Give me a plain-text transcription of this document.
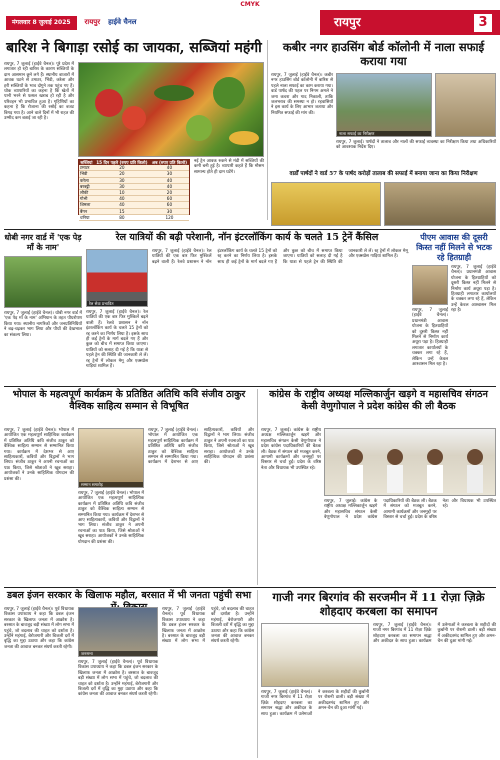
CMYK
मंगलवार 8 जुलाई 2025	रायपुर हाईवे चैनल	रायपुर	3
बारिश ने बिगाड़ा रसोई का जायका, सब्जियां महंगी
रायपुर, 7 जुलाई (हाईवे चैनल)। पूरे प्रदेश में लगातार हो रही बारिश के कारण सब्जियों के दाम आसमान छूने लगे हैं। स्थानीय बाजारों में आवक घटने से टमाटर, भिंडी, करेला और हरी सब्जियों के भाव दोगुने तक पहुंच गए हैं। थोक व्यापारियों का कहना है कि खेतों में पानी भरने से फसल खराब हो रही है और परिवहन भी प्रभावित हुआ है। गृहिणियों का कहना है कि रोजाना की रसोई का बजट बिगड़ गया है। आने वाले दिनों में भी राहत की उम्मीद कम बताई जा रही है।
सब्जियां	15 दिन पहले (रुपए प्रति किलो)	अब (रुपए प्रति किलो)
टमाटर	20	40
भिंडी	20	30
करेला	30	40
बरबट्टी	30	40
लौकी	10	20
गोभी	40	60
शिमला	40	60
बैंगन	15	30
धनिया	80	120
नई ट्रेन आवक रुकने से मंडी में सब्जियों की कमी बनी हुई है। व्यापारी कहते हैं कि मौसम सामान्य होते ही दाम घटेंगे।
कबीर नगर हाउसिंग बोर्ड कॉलोनी में नाला सफाई कराया गया
रायपुर, 7 जुलाई (हाईवे चैनल)। कबीर नगर हाउसिंग बोर्ड कॉलोनी में बारिश से पहले नाला सफाई का काम कराया गया। वार्ड पार्षद की पहल पर निगम अमले ने जमा कचरा और गाद निकाली, ताकि जलभराव की समस्या न हो। रहवासियों ने इस कार्य के लिए आभार जताया और नियमित सफाई की मांग की।
नाला सफाई का निरीक्षण
रायपुर, 7 जुलाई। पार्षदों ने तालाब और नालों की सफाई व्यवस्था का निरीक्षण किया तथा अधिकारियों को आवश्यक निर्देश दिए।
वार्डों पार्षदों ने वार्ड 57 के पार्षद करोड़ों तालाब की सफाई में बनाया जाना का किया निरीक्षण
धोबी नगर वार्ड में 'एक पेड़ माँ के नाम'
रायपुर, 7 जुलाई (हाईवे चैनल)। धोबी नगर वार्ड में 'एक पेड़ माँ के नाम' अभियान के तहत पौधरोपण किया गया। स्थानीय नागरिकों और जनप्रतिनिधियों ने बढ़-चढ़कर भाग लिया और पौधों की देखभाल का संकल्प लिया।
रेल यात्रियों की बढ़ी परेशानी, नॉन इंटरलॉकिंग कार्य के चलते 15 ट्रेनें कैंसिल
रेल सेवा प्रभावित
रायपुर, 7 जुलाई (हाईवे चैनल)। रेल यात्रियों की एक बार फिर मुश्किलें बढ़ने वाली हैं। रेलवे प्रशासन ने नॉन इंटरलॉकिंग कार्य के चलते 15 ट्रेनों को रद्द करने का निर्णय लिया है। इसके साथ ही कई ट्रेनों के मार्ग बदले गए हैं और कुछ को बीच में समाप्त किया जाएगा। यात्रियों को सलाह दी गई है कि यात्रा से पहले ट्रेन की स्थिति की जानकारी ले लें। रद्द ट्रेनों में लोकल मेमू और एक्सप्रेस गाड़ियां शामिल हैं।
रायपुर, 7 जुलाई (हाईवे चैनल)। रेल यात्रियों की एक बार फिर मुश्किलें बढ़ने वाली हैं। रेलवे प्रशासन ने नॉन इंटरलॉकिंग कार्य के चलते 15 ट्रेनों को रद्द करने का निर्णय लिया है। इसके साथ ही कई ट्रेनों के मार्ग बदले गए हैं और कुछ को बीच में समाप्त किया जाएगा। यात्रियों को सलाह दी गई है कि यात्रा से पहले ट्रेन की स्थिति की जानकारी ले लें। रद्द ट्रेनों में लोकल मेमू और एक्सप्रेस गाड़ियां शामिल हैं।
पीएम आवास की दूसरी किस्त नहीं मिलने से भटक रहे हितग्राही
रायपुर, 7 जुलाई (हाईवे चैनल)। प्रधानमंत्री आवास योजना के हितग्राहियों को दूसरी किस्त नहीं मिलने से निर्माण कार्य अधूरा पड़ा है। हितग्राही लगातार कार्यालयों के चक्कर लगा रहे हैं, लेकिन उन्हें केवल आश्वासन मिल रहा है।
रायपुर, 7 जुलाई (हाईवे चैनल)। प्रधानमंत्री आवास योजना के हितग्राहियों को दूसरी किस्त नहीं मिलने से निर्माण कार्य अधूरा पड़ा है। हितग्राही लगातार कार्यालयों के चक्कर लगा रहे हैं, लेकिन उन्हें केवल आश्वासन मिल रहा है।
भोपाल के महत्वपूर्ण कार्यक्रम के प्रतिष्ठित अतिथि कवि संजीव ठाकुर वैश्विक साहित्य सम्मान से विभूषित
रायपुर, 7 जुलाई (हाईवे चैनल)। भोपाल में आयोजित एक महत्वपूर्ण साहित्यिक कार्यक्रम में प्रतिष्ठित अतिथि कवि संजीव ठाकुर को वैश्विक साहित्य सम्मान से सम्मानित किया गया। कार्यक्रम में देशभर से आए साहित्यकारों, कवियों और विद्वानों ने भाग लिया। संजीव ठाकुर ने अपनी रचनाओं का पाठ किया, जिसे श्रोताओं ने खूब सराहा। आयोजकों ने उनके साहित्यिक योगदान की प्रशंसा की।
सम्मान समारोह
रायपुर, 7 जुलाई (हाईवे चैनल)। भोपाल में आयोजित एक महत्वपूर्ण साहित्यिक कार्यक्रम में प्रतिष्ठित अतिथि कवि संजीव ठाकुर को वैश्विक साहित्य सम्मान से सम्मानित किया गया। कार्यक्रम में देशभर से आए साहित्यकारों, कवियों और विद्वानों ने भाग लिया। संजीव ठाकुर ने अपनी रचनाओं का पाठ किया, जिसे श्रोताओं ने खूब सराहा। आयोजकों ने उनके साहित्यिक योगदान की प्रशंसा की।
रायपुर, 7 जुलाई (हाईवे चैनल)। भोपाल में आयोजित एक महत्वपूर्ण साहित्यिक कार्यक्रम में प्रतिष्ठित अतिथि कवि संजीव ठाकुर को वैश्विक साहित्य सम्मान से सम्मानित किया गया। कार्यक्रम में देशभर से आए साहित्यकारों, कवियों और विद्वानों ने भाग लिया। संजीव ठाकुर ने अपनी रचनाओं का पाठ किया, जिसे श्रोताओं ने खूब सराहा। आयोजकों ने उनके साहित्यिक योगदान की प्रशंसा की।
कांग्रेस के राष्ट्रीय अध्यक्ष मल्लिकार्जुन खड़गे व महासचिव संगठन केसी वेणुगोपाल ने प्रदेश कांग्रेस की ली बैठक
रायपुर, 7 जुलाई। कांग्रेस के राष्ट्रीय अध्यक्ष मल्लिकार्जुन खड़गे और महासचिव संगठन केसी वेणुगोपाल ने प्रदेश कांग्रेस पदाधिकारियों की बैठक ली। बैठक में संगठन को मजबूत करने, आगामी कार्यक्रमों और जनमुद्दों पर विस्तार से चर्चा हुई। प्रदेश के वरिष्ठ नेता और विधायक भी उपस्थित रहे।
रायपुर, 7 जुलाई। कांग्रेस के राष्ट्रीय अध्यक्ष मल्लिकार्जुन खड़गे और महासचिव संगठन केसी वेणुगोपाल ने प्रदेश कांग्रेस पदाधिकारियों की बैठक ली। बैठक में संगठन को मजबूत करने, आगामी कार्यक्रमों और जनमुद्दों पर विस्तार से चर्चा हुई। प्रदेश के वरिष्ठ नेता और विधायक भी उपस्थित रहे।
डबल इंजन सरकार के खिलाफ महौल, बरसात में भी जनता पहुंची सभा
रायपुर, 7 जुलाई (हाईवे चैनल)। पूर्व विधायक विकास उपाध्याय ने कहा कि डबल इंजन सरकार के खिलाफ जनता में आक्रोश है। बरसात के बावजूद बड़ी संख्या में लोग सभा में पहुंचे, जो बदलाव की चाहत को दर्शाता है। उन्होंने महंगाई, बेरोजगारी और बिजली दरों में वृद्धि का मुद्दा उठाया और कहा कि कांग्रेस जनता की आवाज बनकर संघर्ष करती रहेगी।
जनसभा
रायपुर, 7 जुलाई (हाईवे चैनल)। पूर्व विधायक विकास उपाध्याय ने कहा कि डबल इंजन सरकार के खिलाफ जनता में आक्रोश है। बरसात के बावजूद बड़ी संख्या में लोग सभा में पहुंचे, जो बदलाव की चाहत को दर्शाता है। उन्होंने महंगाई, बेरोजगारी और बिजली दरों में वृद्धि का मुद्दा उठाया और कहा कि कांग्रेस जनता की आवाज बनकर संघर्ष करती रहेगी।
रायपुर, 7 जुलाई (हाईवे चैनल)। पूर्व विधायक विकास उपाध्याय ने कहा कि डबल इंजन सरकार के खिलाफ जनता में आक्रोश है। बरसात के बावजूद बड़ी संख्या में लोग सभा में पहुंचे, जो बदलाव की चाहत को दर्शाता है। उन्होंने महंगाई, बेरोजगारी और बिजली दरों में वृद्धि का मुद्दा उठाया और कहा कि कांग्रेस जनता की आवाज बनकर संघर्ष करती रहेगी।
गाजी नगर बिरगांव की सरजमीन में 11 रोज़ा ज़िक्रे शोहदाए करबला का समापन
रायपुर, 7 जुलाई (हाईवे चैनल)। गाजी नगर बिरगांव में 11 रोज़ा ज़िक्रे शोहदाए करबला का समापन श्रद्धा और अकीदत के साथ हुआ। कार्यक्रम में उलेमाओं ने करबला के शहीदों की कुर्बानी पर रोशनी डाली। बड़ी संख्या में अकीदतमंद शामिल हुए और अमन-चैन की दुआ मांगी गई।
रायपुर, 7 जुलाई (हाईवे चैनल)। गाजी नगर बिरगांव में 11 रोज़ा ज़िक्रे शोहदाए करबला का समापन श्रद्धा और अकीदत के साथ हुआ। कार्यक्रम में उलेमाओं ने करबला के शहीदों की कुर्बानी पर रोशनी डाली। बड़ी संख्या में अकीदतमंद शामिल हुए और अमन-चैन की दुआ मांगी गई।
